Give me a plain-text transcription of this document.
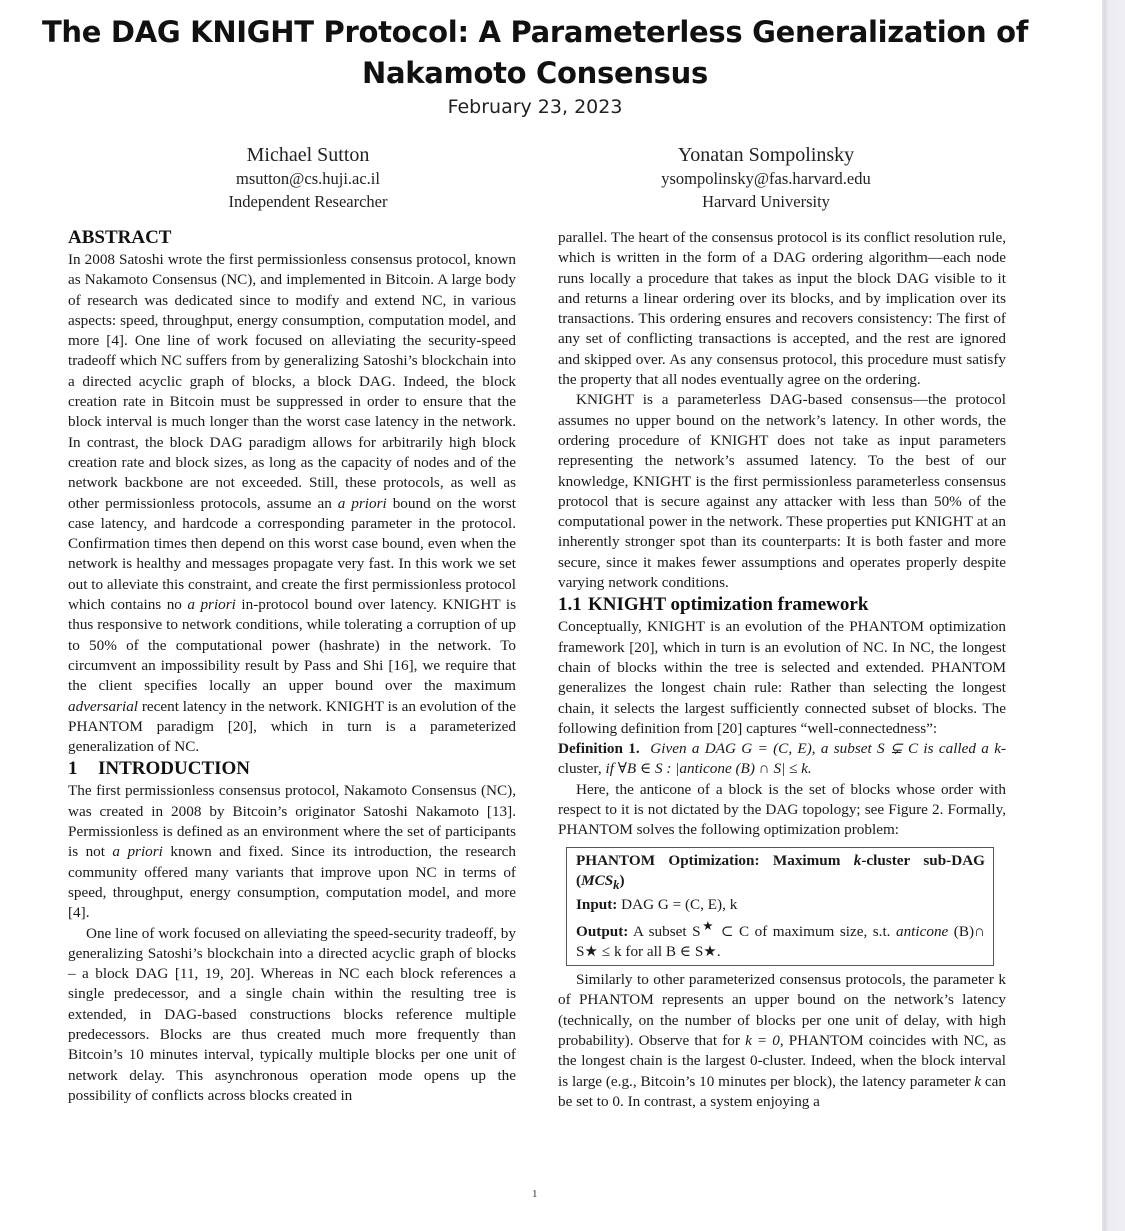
The DAG KNIGHT Protocol: A Parameterless Generalization of Nakamoto Consensus
February 23, 2023
Michael Sutton
msutton@cs.huji.ac.il
Independent Researcher
Yonatan Sompolinsky
ysompolinsky@fas.harvard.edu
Harvard University
ABSTRACT

In 2008 Satoshi wrote the first permissionless consensus protocol, known as Nakamoto Consensus (NC), and implemented in Bitcoin. A large body of research was dedicated since to modify and extend NC, in various aspects: speed, throughput, energy consumption, computation model, and more [4]. One line of work focused on alleviating the security-speed tradeoff which NC suffers from by generalizing Satoshi’s blockchain into a directed acyclic graph of blocks, a block DAG. Indeed, the block creation rate in Bitcoin must be suppressed in order to ensure that the block interval is much longer than the worst case latency in the network. In contrast, the block DAG paradigm allows for arbitrarily high block creation rate and block sizes, as long as the capacity of nodes and of the network backbone are not exceeded. Still, these protocols, as well as other permissionless protocols, assume an a priori bound on the worst case latency, and hardcode a corresponding parameter in the protocol. Confirmation times then depend on this worst case bound, even when the network is healthy and messages propagate very fast. In this work we set out to alleviate this constraint, and create the first permissionless protocol which contains no a priori in-protocol bound over latency. KNIGHT is thus responsive to network conditions, while tolerating a corruption of up to 50% of the computational power (hashrate) in the network. To circumvent an impossibility result by Pass and Shi [16], we require that the client specifies locally an upper bound over the maximum adversarial recent latency in the network. KNIGHT is an evolution of the PHANTOM paradigm [20], which in turn is a parameterized generalization of NC.

1 INTRODUCTION

The first permissionless consensus protocol, Nakamoto Consensus (NC), was created in 2008 by Bitcoin’s originator Satoshi Nakamoto [13]. Permissionless is defined as an environment where the set of participants is not a priori known and fixed. Since its introduction, the research community offered many variants that improve upon NC in terms of speed, throughput, energy consumption, computation model, and more [4].

One line of work focused on alleviating the speed-security tradeoff, by generalizing Satoshi’s blockchain into a directed acyclic graph of blocks – a block DAG [11, 19, 20]. Whereas in NC each block references a single predecessor, and a single chain within the resulting tree is extended, in DAG-based constructions blocks reference multiple predecessors. Blocks are thus created much more frequently than Bitcoin’s 10 minutes interval, typically multiple blocks per one unit of network delay. This asynchronous operation mode opens up the possibility of conflicts across blocks created in

parallel. The heart of the consensus protocol is its conflict resolution rule, which is written in the form of a DAG ordering algorithm—each node runs locally a procedure that takes as input the block DAG visible to it and returns a linear ordering over its blocks, and by implication over its transactions. This ordering ensures and recovers consistency: The first of any set of conflicting transactions is accepted, and the rest are ignored and skipped over. As any consensus protocol, this procedure must satisfy the property that all nodes eventually agree on the ordering.

KNIGHT is a parameterless DAG-based consensus—the protocol assumes no upper bound on the network’s latency. In other words, the ordering procedure of KNIGHT does not take as input parameters representing the network’s assumed latency. To the best of our knowledge, KNIGHT is the first permissionless parameterless consensus protocol that is secure against any attacker with less than 50% of the computational power in the network. These properties put KNIGHT at an inherently stronger spot than its counterparts: It is both faster and more secure, since it makes fewer assumptions and operates properly despite varying network conditions.

1.1 KNIGHT optimization framework

Conceptually, KNIGHT is an evolution of the PHANTOM optimization framework [20], which in turn is an evolution of NC. In NC, the longest chain of blocks within the tree is selected and extended. PHANTOM generalizes the longest chain rule: Rather than selecting the longest chain, it selects the largest sufficiently connected subset of blocks. The following definition from [20] captures “well-connectedness”:

Definition 1. Given a DAG G = (C, E), a subset S ⊊ C is called a k-cluster, if ∀B ∈ S : |anticone (B) ∩ S| ≤ k.

Here, the anticone of a block is the set of blocks whose order with respect to it is not dictated by the DAG topology; see Figure 2. Formally, PHANTOM solves the following optimization problem:

PHANTOM Optimization: Maximum k-cluster sub-DAG $(MCS_k)$
Input: DAG G = (C, E), k
Output: A subset S★ ⊂ C of maximum size, s.t. anticone (B)∩ S★ ≤ k for all B ∈ S★.

Similarly to other parameterized consensus protocols, the parameter k of PHANTOM represents an upper bound on the network’s latency (technically, on the number of blocks per one unit of delay, with high probability). Observe that for k = 0, PHANTOM coincides with NC, as the longest chain is the largest 0-cluster. Indeed, when the block interval is large (e.g., Bitcoin’s 10 minutes per block), the latency parameter k can be set to 0. In contrast, a system enjoying a

1
